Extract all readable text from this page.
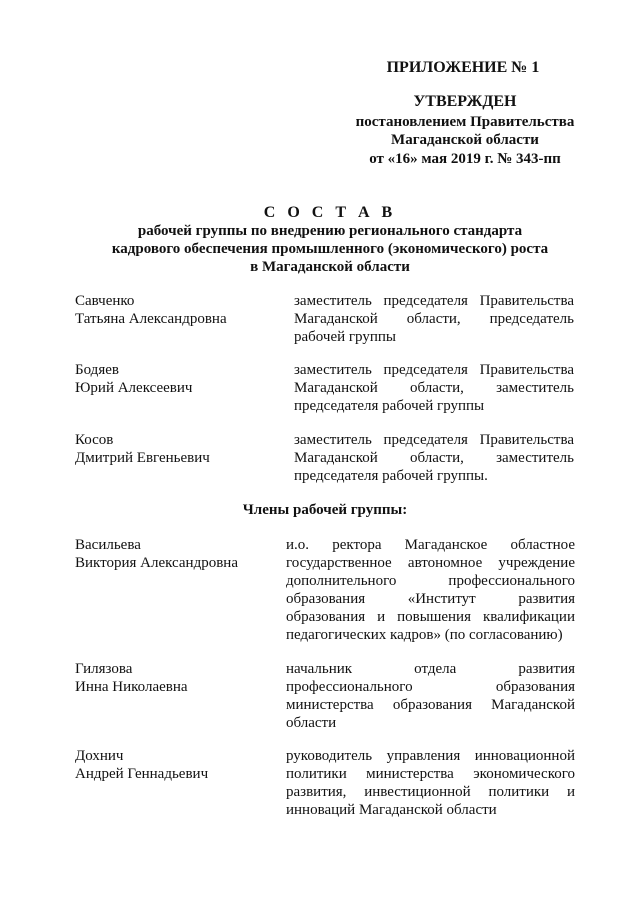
ПРИЛОЖЕНИЕ № 1
УТВЕРЖДЕН
постановлением Правительства
Магаданской области
от «16» мая 2019 г. № 343-пп
С О С Т А В
рабочей группы по внедрению регионального стандарта
кадрового обеспечения промышленного (экономического) роста
в Магаданской области
Савченко
Татьяна Александровна
заместитель председателя Правительства
Магаданской области, председатель
рабочей группы
Бодяев
Юрий Алексеевич
заместитель председателя Правительства
Магаданской области, заместитель
председателя рабочей группы
Косов
Дмитрий Евгеньевич
заместитель председателя Правительства
Магаданской области, заместитель
председателя рабочей группы.
Члены рабочей группы:
Васильева
Виктория Александровна
и.о. ректора Магаданское областное
государственное автономное учреждение
дополнительного профессионального
образования «Институт развития
образования и повышения квалификации
педагогических кадров» (по согласованию)
Гилязова
Инна Николаевна
начальник отдела развития
профессионального образования
министерства образования Магаданской
области
Дохнич
Андрей Геннадьевич
руководитель управления инновационной
политики министерства экономического
развития, инвестиционной политики и
инноваций Магаданской области
